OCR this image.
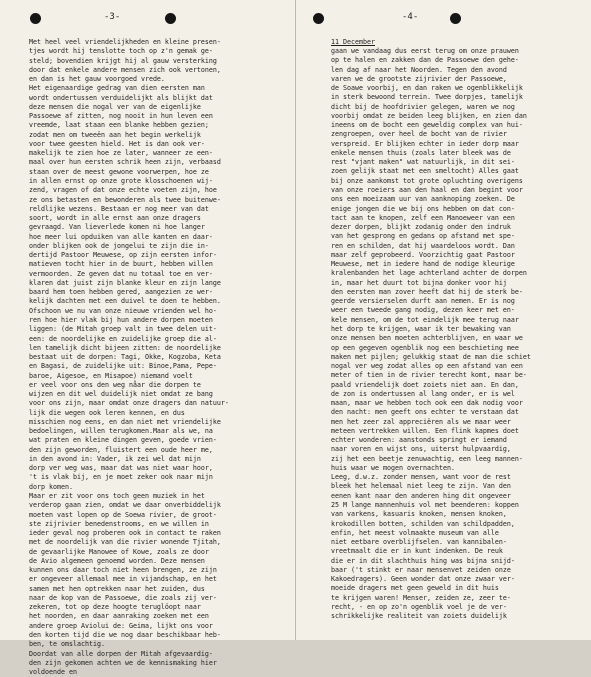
-3-
Met heel veel vriendelijkheden en kleine presen-
tjes wordt hij tenslotte toch op z'n gemak ge-
steld; bovendien krijgt hij al gauw versterking
door dat enkele andere mensen zich ook vertonen,
en dan is het gauw voorgoed vrede.
Het eigenaardige gedrag van dien eersten man
wordt ondertussen verduidelijkt als blijkt dat
deze mensen die nogal ver van de eigenlijke
Passoewe af zitten, nog nooit in hun leven een
vreemde, laat staan een blanke hebben gezien;
zodat men om tweeën aan het begin werkelijk
voor twee geesten hield. Het is dan ook ver-
makelijk te zien hoe ze later, wanneer ze een-
maal over hun eersten schrik heen zijn, verbaasd
staan over de meest gewone voorwerpen, hoe ze
in allen ernst op onze grote klosschoenen wij-
zend, vragen of dat onze echte voeten zijn, hoe
ze ons betasten en bewonderen als twee buitenwe-
reldlijke wezens. Bestaan er nog meer van dat
soort, wordt in alle ernst aan onze dragers
gevraagd. Van lieverlede komen ni hoe langer
hoe meer lui opduiken van alle kanten en daar-
onder blijken ook de jongelui te zijn die in-
dertijd Pastoor Meuwese, op zijn eersten infor-
matieven tocht hier in de buurt, hebben willen
vermoorden. Ze geven dat nu totaal toe en ver-
klaren dat juist zijn blanke kleur en zijn lange
baard hem toen hebben gered, aangezien ze wer-
kelijk dachten met een duivel te doen te hebben.
Ofschoon we nu van onze nieuwe vrienden wel ho-
ren hoe hier vlak bij hun andere dorpen moeten
liggen: (de Mitah groep valt in twee delen uit-
een: de noordelijke en zuidelijke groep die al-
len tamelijk dicht bijeen zitten: de noordelijke
bestaat uit de dorpen: Tagi, Okke, Kogzoba, Keta
en Bagasi, de zuidelijke uit: Binoe,Pama, Pepe-
baroe, Aigesoe, en Misapoe) niemand voelt
er veel voor ons den weg nåar die dorpen te
wijzen en dit wel duidelijk niet omdat ze bang
voor ons zijn, maar omdat onze dragers dan natuur-
lijk die wegen ook leren kennen, en dus
misschien nog eens, en dan niet met vriendelijke
bedoelingen, willen terugkomen.Maar als we, na
wat praten en kleine dingen geven, goede vrien-
den zijn geworden, fluistert een oude heer me,
in den avond in: Vader, ik zei wel dat mijn
dorp ver weg was, maar dat was niet waar hoor,
't is vlak bij, en je moet zeker ook naar mijn
dorp komen.
Maar er zit voor ons toch geen muziek in het
verderop gaan zien, omdat we daar onverbiddelijk
moeten vast lopen op de Soewa rivier, de groot-
ste zijrivier benedenstrooms, en we willen in
ieder geval nog proberen ook in contact te raken
met de noordelijk van die rivier wonende Tjitah,
de gevaarlijke Manowee of Kowe, zoals ze door
de Avio algemeen genoemd worden. Deze mensen
kunnen ons daar toch niet heen brengen, ze zijn
er ongeveer allemaal mee in vijandschap, en het
samen met hen optrekken naar het zuiden, dus
naar de kop van de Passoewe, die zoals zij ver-
zekeren, tot op deze hoogte teruglöopt naar
het noorden, en daar aanraking zoeken met een
andere groep Aviolui de: Geima, lijkt ons voor
den korten tijd die we nog daar beschikbaar heb-
ben, te omslachtig.
Doordat van alle dorpen der Mitah afgevaardig-
den zijn gekomen achten we de kennismaking hier
voldoende en
-4-
11 December
gaan we vandaag dus eerst terug om onze prauwen
op te halen en zakken dan de Passoewe den gehe-
len dag af naar het Noorden. Tegen den avond
varen we de grootste zijrivier der Passoewe,
de Soawe voorbij, en dan raken we ogenblikkelijk
in sterk bewoond terrein. Twee dorpjes, tamelijk
dicht bij de hoofdrivier gelegen, waren we nog
voorbij omdat ze beiden leeg blijken, en zien dan
ineens om de bocht een geweldig complex van hui-
zengroepen, over heel de bocht van de rivier
verspreid. Er blijken echter in ieder dorp maar
enkele mensen thuis (zoals later bleek was de
rest "vjant maken" wat natuurlijk, in dit sei-
zoen gelijk staat met een smeltocht) Alles gaat
bij onze aankomst tot grote opluchting overigens
van onze roeiers aan den haal en dan begint voor
ons een moeizaam uur van aanknoping zoeken. De
enige jongen die we bij ons hebben om dat con-
tact aan te knopen, zelf een Manoeweer van een
dezer dorpen, blijkt zodanig onder den indruk
van het gesprong en gedans op afstand met spe-
ren en schilden, dat hij waardeloos wordt. Dan
maar zelf geprobeerd. Voorzichtig gaat Pastoor
Meuwese, met in iedere hand de nodige kleurige
kralenbanden het lage achterland achter de dorpen
in, maar het duurt tot bijna donker voor hij
den eersten man zover heeft dat hij de sterk be-
geerde versierselen durft aan nemen. Er is nog
weer een tweede gang nodig, dezen keer met en-
kele mensen, om de tot eindelijk mee terug naar
het dorp te krijgen, waar ik ter bewaking van
onze mensen ben moeten achterblijven, en waar we
op een gegeven ogenblik nog een beschieting mee
maken met pijlen; gelukkig staat de man die schiet
nogal ver weg zodat alles op een afstand van een
meter of tien in de rivier terecht komt, maar be-
paald vriendelijk doet zoiets niet aan. En dan,
de zon is ondertussen al lang onder, er is wel
maan, maar we hebben toch ook een dak nodig voor
den nacht: men geeft ons echter te verstaan dat
men het zeer zal appreciëren als we maar weer
meteen vertrekken willen. Een flink kapmes doet
echter wonderen: aanstonds springt er iemand
naar voren en wijst ons, uiterst hulpvaardig,
zij het een beetje zenuwachtig, een leeg mannen-
huis waar we mogen overnachten.
Leeg, d.w.z. zonder mensen, want voor de rest
bleek het helemaal niet leeg te zijn. Van den
eenen kant naar den anderen hing dit ongeveer
25 M lange mannenhuis vol met beenderen: koppen
van varkens, kasuaris knoken, mensen knoken,
krokodillen botten, schilden van schildpadden,
enfin, het meest volmaakte museum van alle
niet eetbare overblijfselen. van kannibalen-
vreetmaalt die er in kunt indenken. De reuk
die er in dit slachthuis hing was bijna snijd-
baar ('t stinkt er naar mensenvet zeiden onze
Kakoedragers). Geen wonder dat onze zwaar ver-
moeide dragers met geen geweld in dit huis
te krijgen waren! Menser, zeiden ze, zeer te-
recht, - en op zo'n ogenblik voel je de ver-
schrikkelijke realiteit van zoiets duidelijk
